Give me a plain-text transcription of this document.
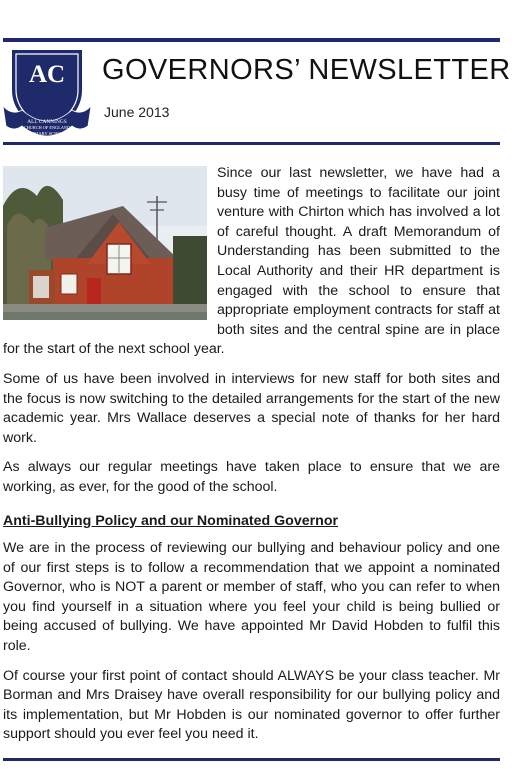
AC
ALL CANNINGS
CHURCH OF ENGLAND
PRIMARY SCHOOL
GOVERNORS’ NEWSLETTER
June 2013

Since our last newsletter, we have had a busy time of meetings to facilitate our joint venture with Chirton which has involved a lot of careful thought. A draft Memorandum of Understanding has been submitted to the Local Authority and their HR department is engaged with the school to ensure that appropriate employment contracts for staff at both sites and the central spine are in place for the start of the next school year.

Some of us have been involved in interviews for new staff for both sites and the focus is now switching to the detailed arrangements for the start of the new academic year. Mrs Wallace deserves a special note of thanks for her hard work.

As always our regular meetings have taken place to ensure that we are working, as ever, for the good of the school.

Anti-Bullying Policy and our Nominated Governor

We are in the process of reviewing our bullying and behaviour policy and one of our first steps is to follow a recommendation that we appoint a nominated Governor, who is NOT a parent or member of staff, who you can refer to when you find yourself in a situation where you feel your child is being bullied or being accused of bullying. We have appointed Mr David Hobden to fulfil this role.

Of course your first point of contact should ALWAYS be your class teacher. Mr Borman and Mrs Draisey have overall responsibility for our bullying policy and its implementation, but Mr Hobden is our nominated governor to offer further support should you ever feel you need it.
